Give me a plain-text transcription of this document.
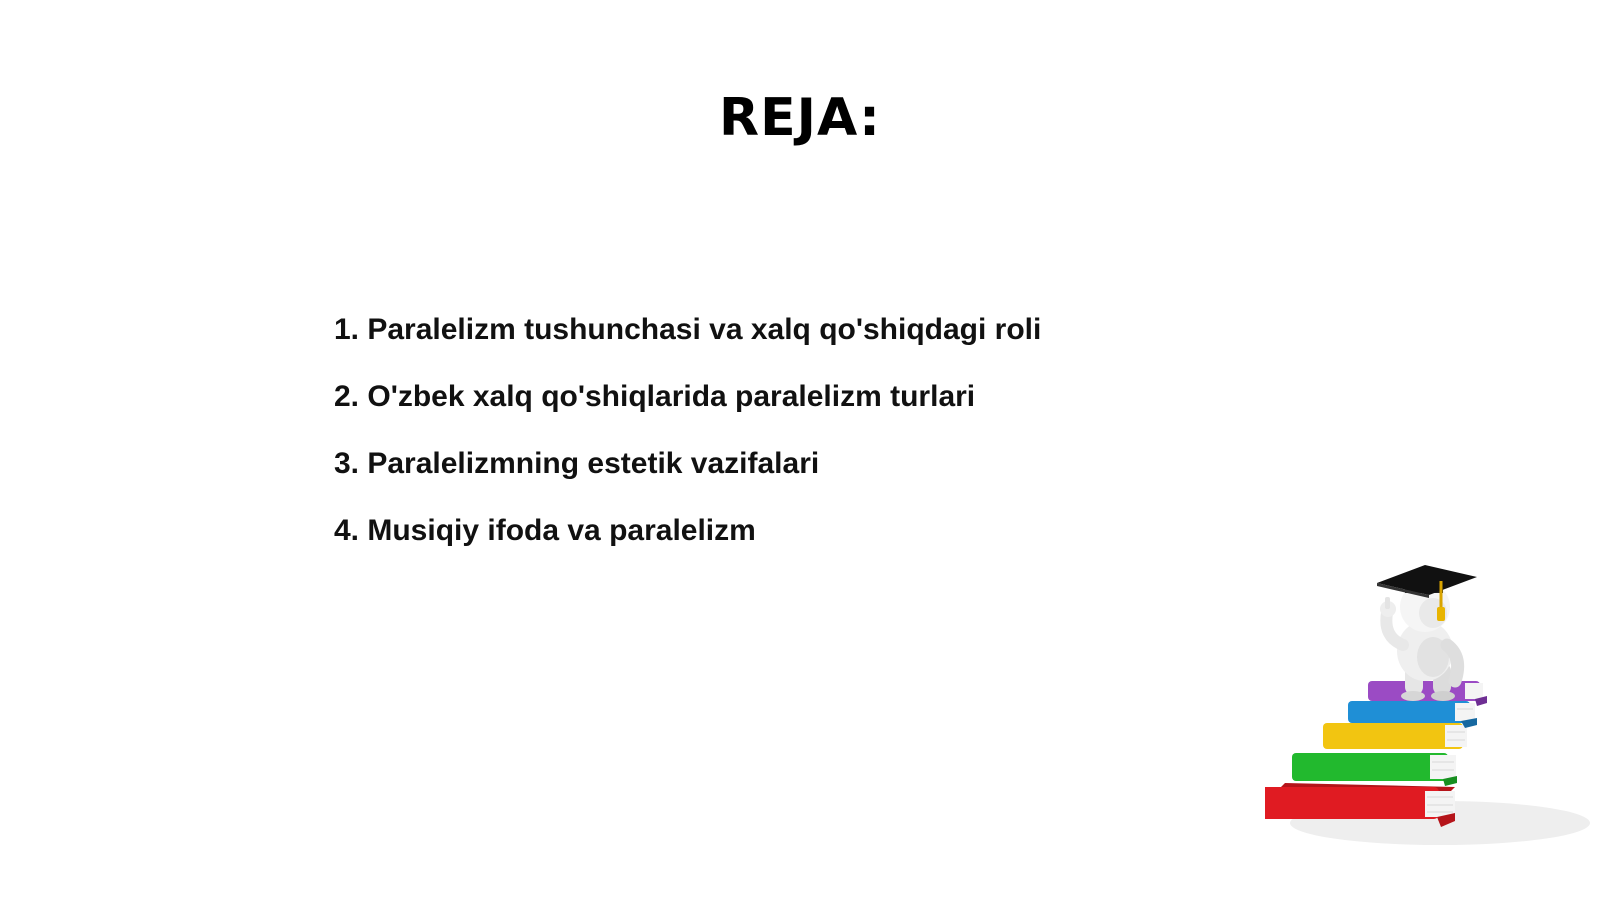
REJA:
1. Paralelizm tushunchasi va xalq qo'shiqdagi roli
2. O'zbek xalq qo'shiqlarida paralelizm turlari
3. Paralelizmning estetik vazifalari
4. Musiqiy ifoda va paralelizm
